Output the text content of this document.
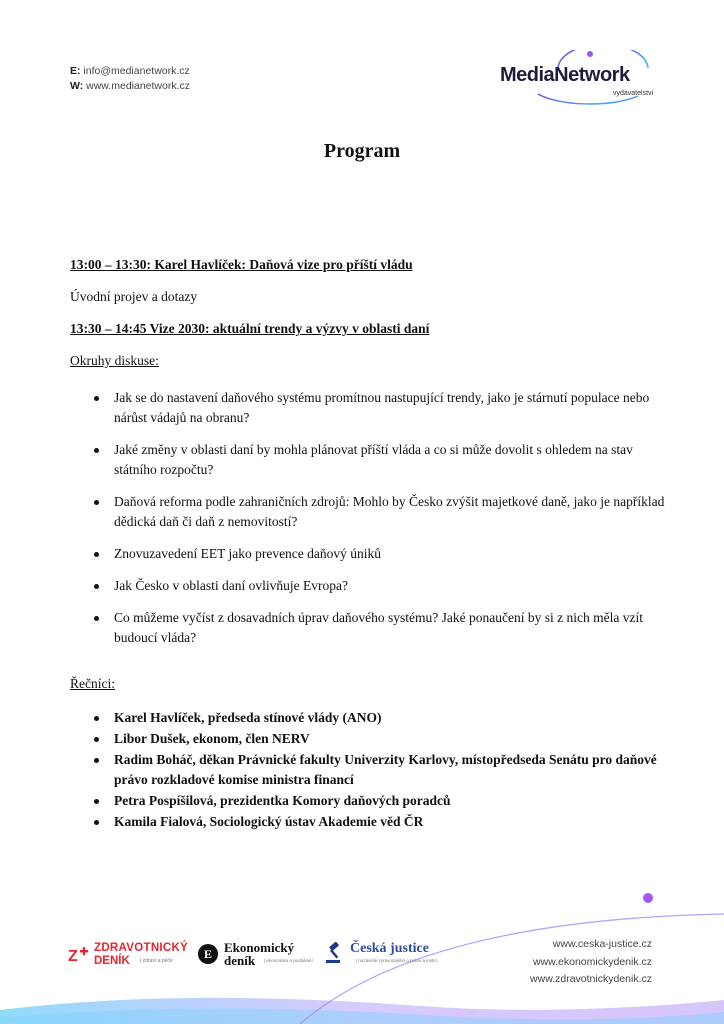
E: info@medianetwork.cz
W: www.medianetwork.cz	MediaNetwork
vydavatelství
Program
13:00 – 13:30: Karel Havlíček: Daňová vize pro příští vládu
Úvodní projev a dotazy
13:30 – 14:45 Vize 2030: aktuální trendy a výzvy v oblasti daní
Okruhy diskuse:
Jak se do nastavení daňového systému promítnou nastupující trendy, jako je stárnutí populace nebo nárůst vádajů na obranu?
Jaké změny v oblasti daní by mohla plánovat příští vláda a co si může dovolit s ohledem na stav státního rozpočtu?
Daňová reforma podle zahraničních zdrojů: Mohlo by Česko zvýšit majetkové daně, jako je například dědická daň či daň z nemovitostí?
Znovuzavedení EET jako prevence daňový úniků
Jak Česko v oblasti daní ovlivňuje Evropa?
Co můžeme vyčíst z dosavadních úprav daňového systému? Jaké ponaučení by si z nich měla vzít budoucí vláda?
Řečníci:
Karel Havlíček, předseda stínové vlády (ANO)
Libor Dušek, ekonom, člen NERV
Radim Boháč, děkan Právnické fakulty Univerzity Karlovy, místopředseda Senátu pro daňové právo rozkladové komise ministra financí
Petra Pospíšilová, prezidentka Komory daňových poradců
Kamila Fialová, Sociologický ústav Akademie věd ČR
Z ZDRAVOTNICKÝ
DENÍK | zdraví a péče	E Ekonomický
deník | ekonomika a podnikání
Česká justice
| nezávislé zpravodajství o právu a justici
www.ceska-justice.cz
www.ekonomickydenik.cz
www.zdravotnickydenik.cz
